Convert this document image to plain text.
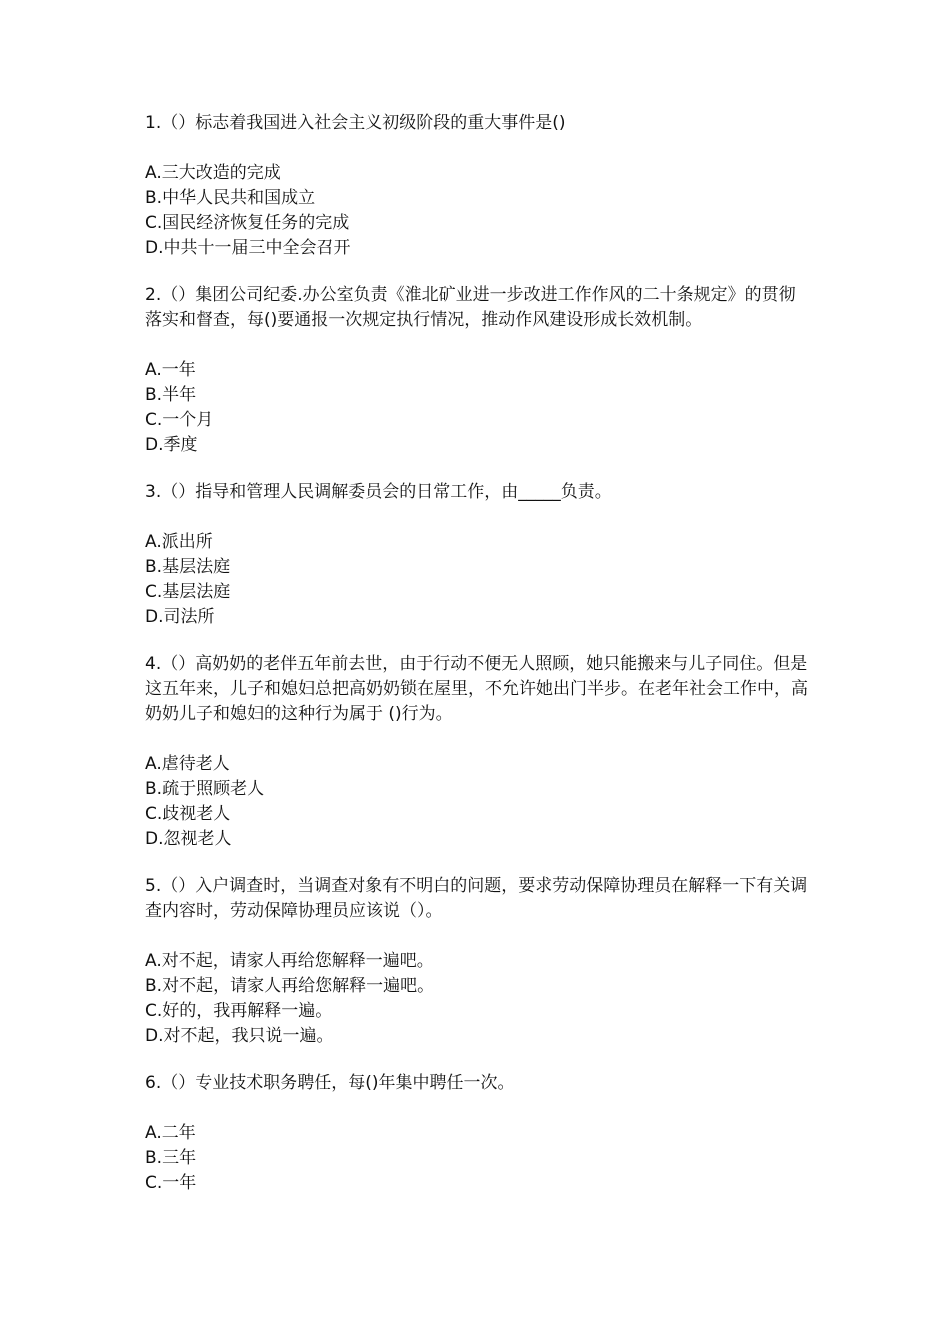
1.（）标志着我国进入社会主义初级阶段的重大事件是()

A.三大改造的完成
B.中华人民共和国成立
C.国民经济恢复任务的完成
D.中共十一届三中全会召开

2.（）集团公司纪委.办公室负责《淮北矿业进一步改进工作作风的二十条规定》的贯彻落实和督查，每()要通报一次规定执行情况，推动作风建设形成长效机制。

A.一年
B.半年
C.一个月
D.季度

3.（）指导和管理人民调解委员会的日常工作，由_____负责。

A.派出所
B.基层法庭
C.基层法庭
D.司法所

4.（）高奶奶的老伴五年前去世，由于行动不便无人照顾，她只能搬来与儿子同住。但是这五年来，儿子和媳妇总把高奶奶锁在屋里，不允许她出门半步。在老年社会工作中，高奶奶儿子和媳妇的这种行为属于 ()行为。

A.虐待老人
B.疏于照顾老人
C.歧视老人
D.忽视老人

5.（）入户调查时，当调查对象有不明白的问题，要求劳动保障协理员在解释一下有关调查内容时，劳动保障协理员应该说（）。

A.对不起，请家人再给您解释一遍吧。
B.对不起，请家人再给您解释一遍吧。
C.好的，我再解释一遍。
D.对不起，我只说一遍。

6.（）专业技术职务聘任，每()年集中聘任一次。

A.二年
B.三年
C.一年
